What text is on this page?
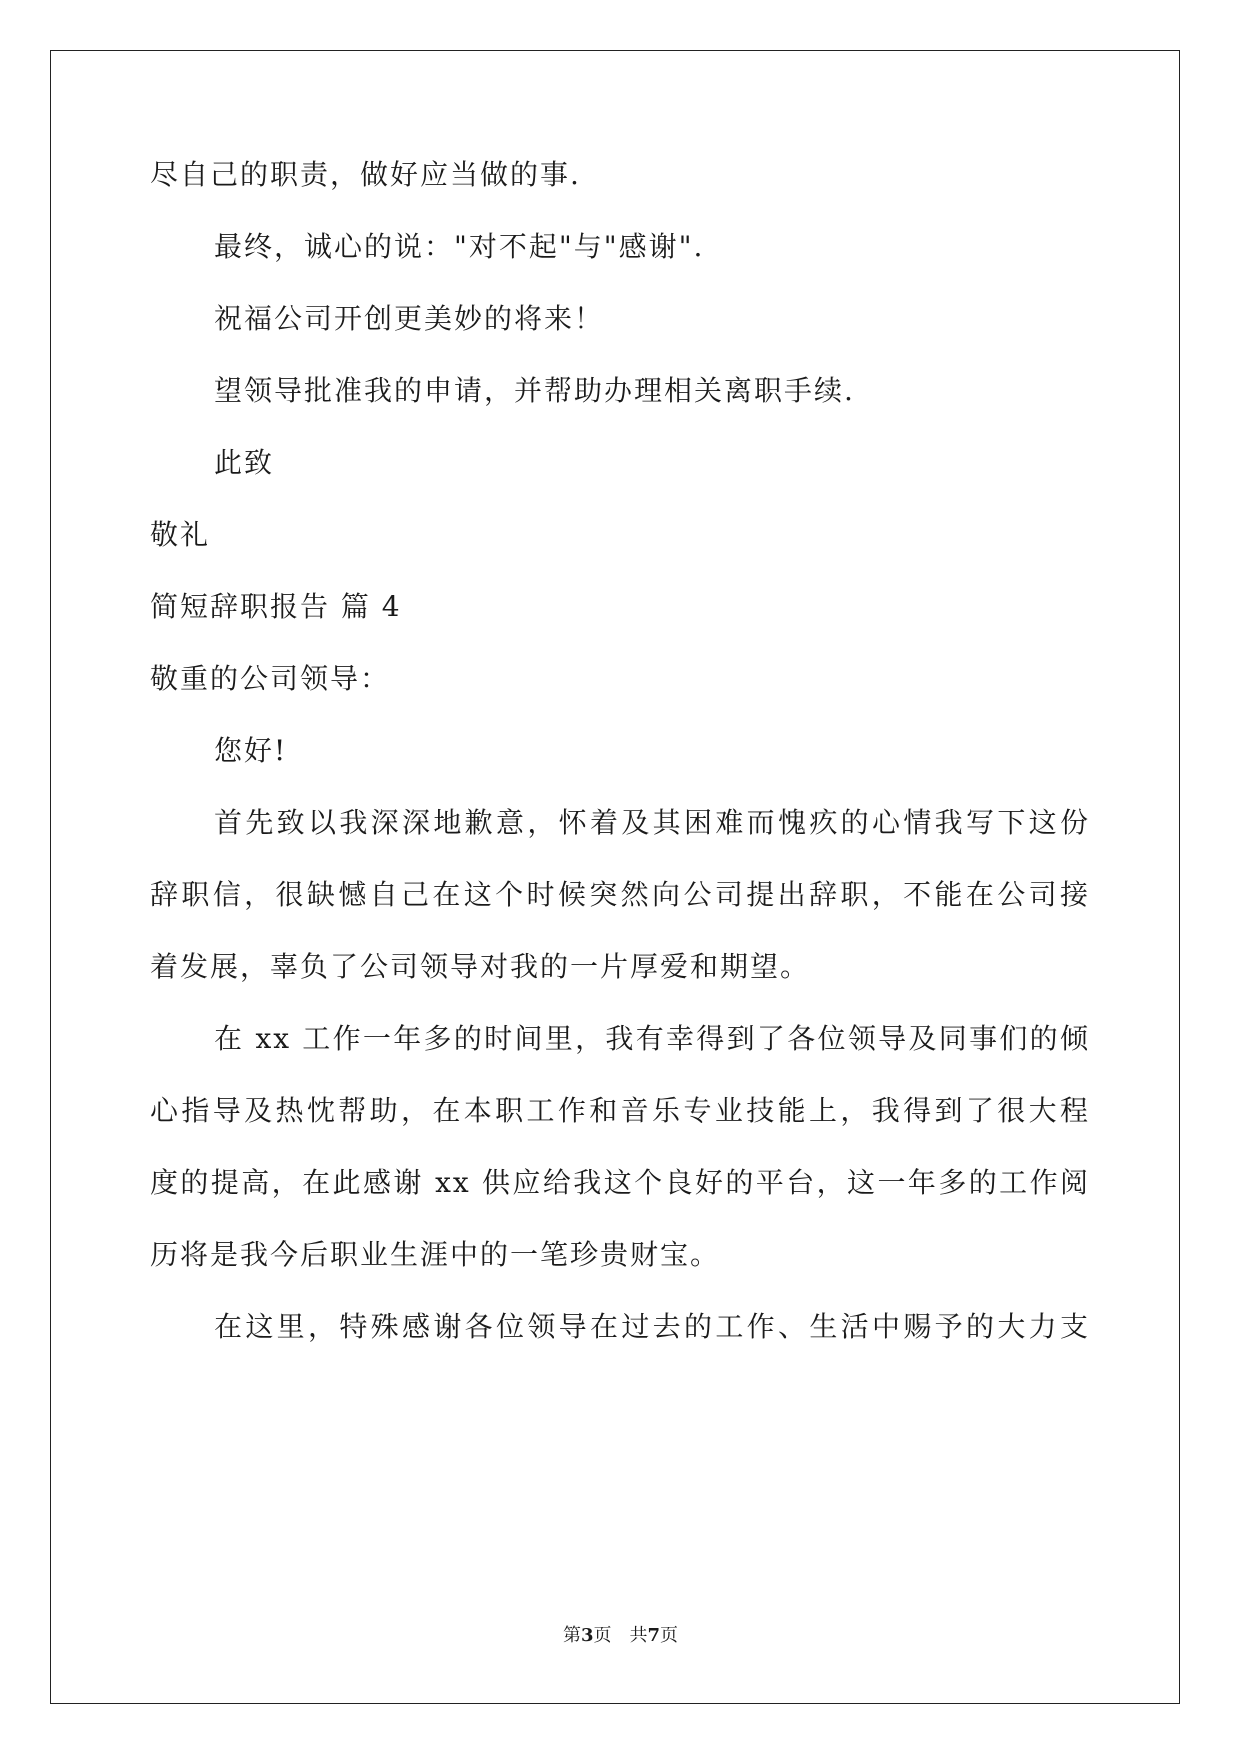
尽自己的职责，做好应当做的事.
最终，诚心的说："对不起"与"感谢".
祝福公司开创更美妙的将来！
望领导批准我的申请，并帮助办理相关离职手续.
此致
敬礼
简短辞职报告 篇 4
敬重的公司领导：
您好!
首先致以我深深地歉意，怀着及其困难而愧疚的心情我写下这份
辞职信，很缺憾自己在这个时候突然向公司提出辞职，不能在公司接
着发展，辜负了公司领导对我的一片厚爱和期望。
在 xx 工作一年多的时间里，我有幸得到了各位领导及同事们的倾
心指导及热忱帮助，在本职工作和音乐专业技能上，我得到了很大程
度的提高，在此感谢 xx 供应给我这个良好的平台，这一年多的工作阅
历将是我今后职业生涯中的一笔珍贵财宝。
在这里，特殊感谢各位领导在过去的工作、生活中赐予的大力支
第3页　共7页
